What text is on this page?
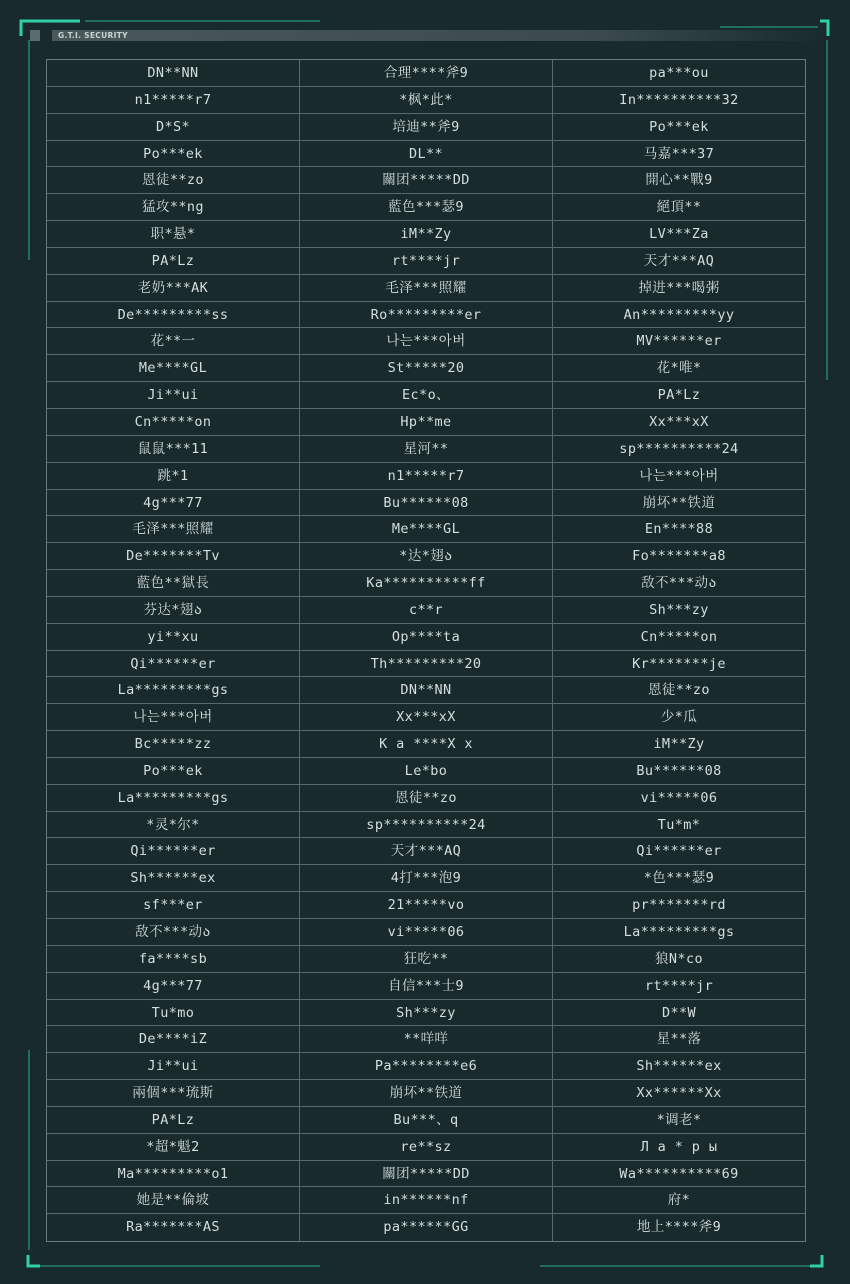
G.T.I. SECURITY
DN**NN	合理****斧9	pa***ou
n1*****r7	*枫*此*	In**********32
D*S*	培迪**斧9	Po***ek
Po***ek	DL**	马嘉***37
恩徒**zo	關团*****DD	開心**戰9
猛攻**ng	藍色***瑟9	絕頂**
职*悬*	iM**Zy	LV***Za
PA*Lz	rt****jr	天才***AQ
老奶***AK	毛泽***照耀	掉进***喝粥
De*********ss	Ro*********er	An*********yy
花**一	나는***아버	MV******er
Me****GL	St*****20	花*唯*
Ji**ui	Ec*o、	PA*Lz
Cn*****on	Hp**me	Xx***xX
鼠鼠***11	星河**	sp**********24
跳*1	n1*****r7	나는***아버
4g***77	Bu******08	崩坏**铁道
毛泽***照耀	Me****GL	En****88
De*******Tv	*达*翅ა	Fo*******a8
藍色**獄長	Ka**********ff	敌不***动ა
芬达*翅ა	c**r	Sh***zy
yi**xu	Op****ta	Cn*****on
Qi******er	Th*********20	Kr*******je
La*********gs	DN**NN	恩徒**zo
나는***아버	Xx***xX	少*瓜
Bc*****zz	K a ****X x	iM**Zy
Po***ek	Le*bo	Bu******08
La*********gs	恩徒**zo	vi*****06
*灵*尔*	sp**********24	Tu*m*
Qi******er	天才***AQ	Qi******er
Sh******ex	4打***泡9	*色***瑟9
sf***er	21*****vo	pr*******rd
敌不***动ა	vi*****06	La*********gs
fa****sb	狂吃**	狼N*co
4g***77	自信***士9	rt****jr
Tu*mo	Sh***zy	D**W
De****iZ	**咩咩	星**落
Ji**ui	Pa********e6	Sh******ex
兩個***琉斯	崩坏**铁道	Xx******Xx
PA*Lz	Bu***、q	*调老*
*超*魁2	re**sz	Л а * р ы
Ma*********o1	關团*****DD	Wa**********69
她是**倫坡	in******nf	府*
Ra*******AS	pa******GG	地上****斧9
